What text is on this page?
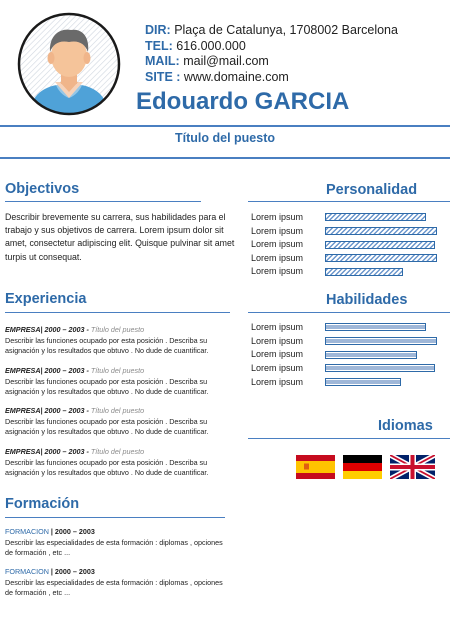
DIR: Plaça de Catalunya, 1708002 Barcelona
TEL: 616.000.000
MAIL: mail@mail.com
SITE : www.domaine.com
Edouardo GARCIA
Título del puesto
Objectivos
Describir brevemente su carrera, sus habilidades para el trabajo y sus objetivos de carrera. Lorem ipsum dolor sit amet, consectetur adipiscing elit. Quisque pulvinar sit amet turpis ut consequat.
Experiencia
EMPRESA| 2000 – 2003 - Título del puesto
Describir las funciones ocupado por esta posición . Describa su
asignación y los resultados que obtuvo . No dude de cuantificar.
EMPRESA| 2000 – 2003 - Título del puesto
Describir las funciones ocupado por esta posición . Describa su
asignación y los resultados que obtuvo . No dude de cuantificar.
EMPRESA| 2000 – 2003 - Título del puesto
Describir las funciones ocupado por esta posición . Describa su
asignación y los resultados que obtuvo . No dude de cuantificar.
EMPRESA| 2000 – 2003 - Título del puesto
Describir las funciones ocupado por esta posición . Describa su
asignación y los resultados que obtuvo . No dude de cuantificar.
Formación
FORMACION | 2000 – 2003
Describir las especialidades de esta formación : diplomas , opciones
de formación , etc ...
FORMACION | 2000 – 2003
Describir las especialidades de esta formación : diplomas , opciones
de formación , etc ...
Personalidad
Lorem ipsum
Lorem ipsum
Lorem ipsum
Lorem ipsum
Lorem ipsum
Habilidades
Lorem ipsum
Lorem ipsum
Lorem ipsum
Lorem ipsum
Lorem ipsum
Idiomas
